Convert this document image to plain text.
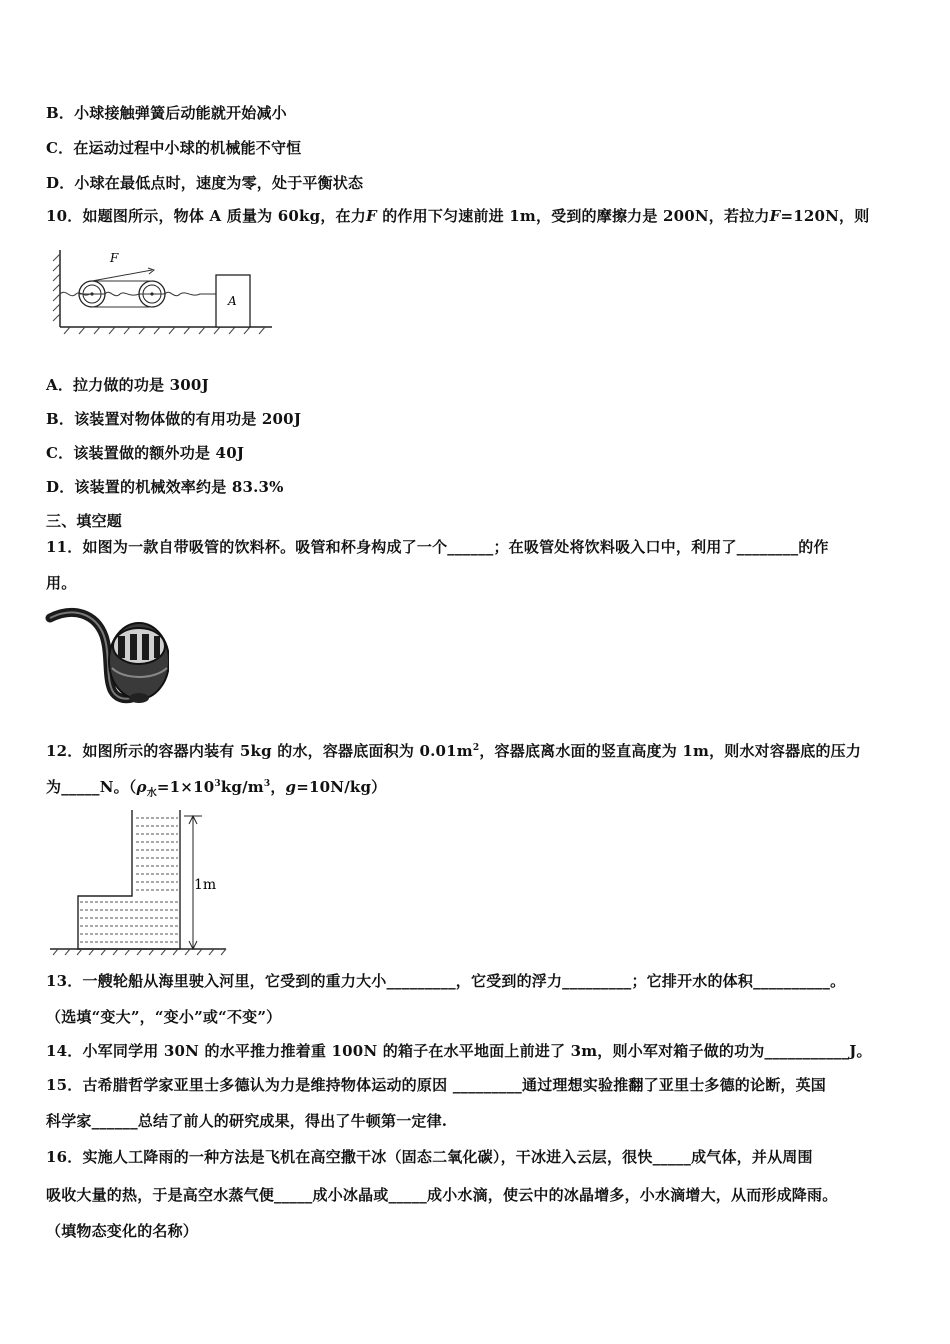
B．小球接触弹簧后动能就开始减小
C．在运动过程中小球的机械能不守恒
D．小球在最低点时，速度为零，处于平衡状态
10．如题图所示，物体 A 质量为 60kg，在力F 的作用下匀速前进 1m，受到的摩擦力是 200N，若拉力F=120N，则
F
A
A．拉力做的功是 300J
B．该装置对物体做的有用功是 200J
C．该装置做的额外功是 40J
D．该装置的机械效率约是 83.3%
三、填空题
11．如图为一款自带吸管的饮料杯。吸管和杯身构成了一个______；在吸管处将饮料吸入口中，利用了________的作
用。
12．如图所示的容器内装有 5kg 的水，容器底面积为 $0.01m^2$，容器底离水面的竖直高度为 1m，则水对容器底的压力
为_____N。（$\rho_水=1\times 10^3kg/m^3$，g=10N/kg）
1m
13．一艘轮船从海里驶入河里，它受到的重力大小_________，它受到的浮力_________；它排开水的体积__________。
（选填“变大”，“变小”或“不变”）
14．小军同学用 30N 的水平推力推着重 100N 的箱子在水平地面上前进了 3m，则小军对箱子做的功为___________J。
15．古希腊哲学家亚里士多德认为力是维持物体运动的原因 _________通过理想实验推翻了亚里士多德的论断，英国
科学家______总结了前人的研究成果，得出了牛顿第一定律.
16．实施人工降雨的一种方法是飞机在高空撒干冰（固态二氧化碳），干冰进入云层，很快_____成气体，并从周围
吸收大量的热，于是高空水蒸气便_____成小冰晶或_____成小水滴，使云中的冰晶增多，小水滴增大，从而形成降雨。
（填物态变化的名称）
